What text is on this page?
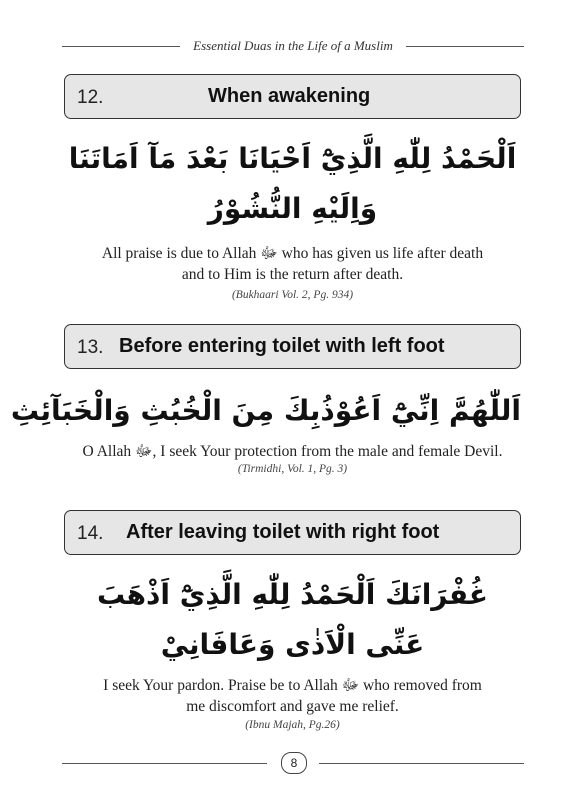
Essential Duas in the Life of a Muslim
12.	When awakening
اَلْحَمْدُ لِلّٰهِ الَّذِيْٓ اَحْيَانَا بَعْدَ مَآ اَمَاتَنَا
وَاِلَيْهِ النُّشُوْرُ
All praise is due to Allah ﷻ who has given us life after death
and to Him is the return after death.
(Bukhaari Vol. 2, Pg. 934)
13. Before entering toilet with left foot
اَللّٰهُمَّ اِنِّيْٓ اَعُوْذُبِكَ مِنَ الْخُبُثِ وَالْخَبَآئِثِ
O Allah ﷻ, I seek Your protection from the male and female Devil.
(Tirmidhi, Vol. 1, Pg. 3)
14. After leaving toilet with right foot
غُفْرَانَكَ اَلْحَمْدُ لِلّٰهِ الَّذِيْٓ اَذْهَبَ
عَنِّى الْاَذٰى وَعَافَانِيْ
I seek Your pardon. Praise be to Allah ﷻ who removed from
me discomfort and gave me relief.
(Ibnu Majah, Pg.26)
8
